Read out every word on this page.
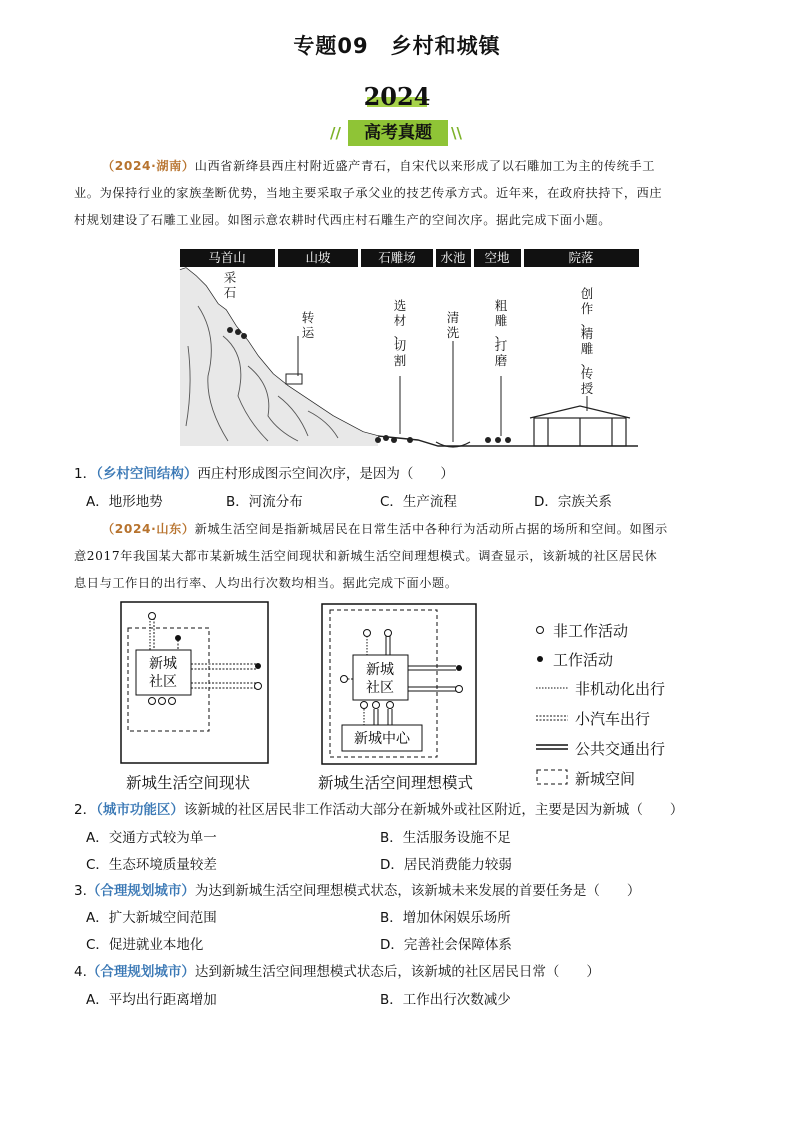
专题09　乡村和城镇
2024
//	高考真题	\\
（2024·湖南）山西省新绛县西庄村附近盛产青石，自宋代以来形成了以石雕加工为主的传统手工
业。为保持行业的家族垄断优势，当地主要采取子承父业的技艺传承方式。近年来，在政府扶持下，西庄
村规划建设了石雕工业园。如图示意农耕时代西庄村石雕生产的空间次序。据此完成下面小题。
马首山	山坡	石雕场 水池 空地	院落
采
石
转
运
选
材
、
切
割
清
洗
粗
雕
、
打
磨
创
作
、
精
雕
、
传
授
1．（乡村空间结构）西庄村形成图示空间次序，是因为（　　）
A．地形地势	B．河流分布	C．生产流程	D．宗族关系
（2024·山东）新城生活空间是指新城居民在日常生活中各种行为活动所占据的场所和空间。如图示
意2017年我国某大都市某新城生活空间现状和新城生活空间理想模式。调查显示，该新城的社区居民休
息日与工作日的出行率、人均出行次数均相当。据此完成下面小题。
新城
社区
新城
社区
新城中心
新城生活空间现状	新城生活空间理想模式
非工作活动
工作活动
非机动化出行
小汽车出行
公共交通出行
新城空间
2．（城市功能区）该新城的社区居民非工作活动大部分在新城外或社区附近，主要是因为新城（　　）
A．交通方式较为单一	B．生活服务设施不足
C．生态环境质量较差	D．居民消费能力较弱
3.（合理规划城市）为达到新城生活空间理想模式状态，该新城未来发展的首要任务是（　　）
A．扩大新城空间范围	B．增加休闲娱乐场所
C．促进就业本地化	D．完善社会保障体系
4.（合理规划城市）达到新城生活空间理想模式状态后，该新城的社区居民日常（　　）
A．平均出行距离增加	B．工作出行次数减少
